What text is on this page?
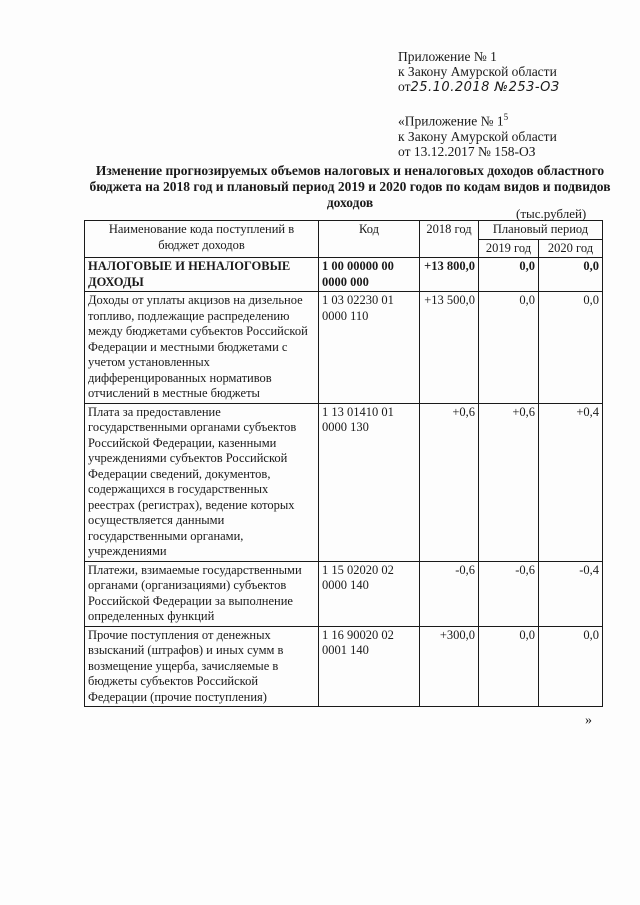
Приложение № 1
к Закону Амурской области
от25.10.2018 №253-ОЗ
«Приложение № $1^5$
к Закону Амурской области
от 13.12.2017 № 158-ОЗ
Изменение прогнозируемых объемов налоговых и неналоговых доходов областного бюджета на 2018 год и плановый период 2019 и 2020 годов по кодам видов и подвидов доходов
(тыс.рублей)
Наименование кода поступлений в бюджет доходов	Код	2018 год	Плановый период	
			2019 год	2020 год
НАЛОГОВЫЕ И НЕНАЛОГОВЫЕ ДОХОДЫ	1 00 00000 00 0000 000	+13 800,0	0,0	0,0
Доходы от уплаты акцизов на дизельное топливо, подлежащие распределению между бюджетами субъектов Российской Федерации и местными бюджетами с учетом установленных дифференцированных нормативов отчислений в местные бюджеты	1 03 02230 01 0000 110	+13 500,0	0,0	0,0
Плата за предоставление государственными органами субъектов Российской Федерации, казенными учреждениями субъектов Российской Федерации сведений, документов, содержащихся в государственных реестрах (регистрах), ведение которых осуществляется данными государственными органами, учреждениями	1 13 01410 01 0000 130	+0,6	+0,6	+0,4
Платежи, взимаемые государственными органами (организациями) субъектов Российской Федерации за выполнение определенных функций	1 15 02020 02 0000 140	-0,6	-0,6	-0,4
Прочие поступления от денежных взысканий (штрафов) и иных сумм в возмещение ущерба, зачисляемые в бюджеты субъектов Российской Федерации (прочие поступления)	1 16 90020 02 0001 140	+300,0	0,0	0,0
»
